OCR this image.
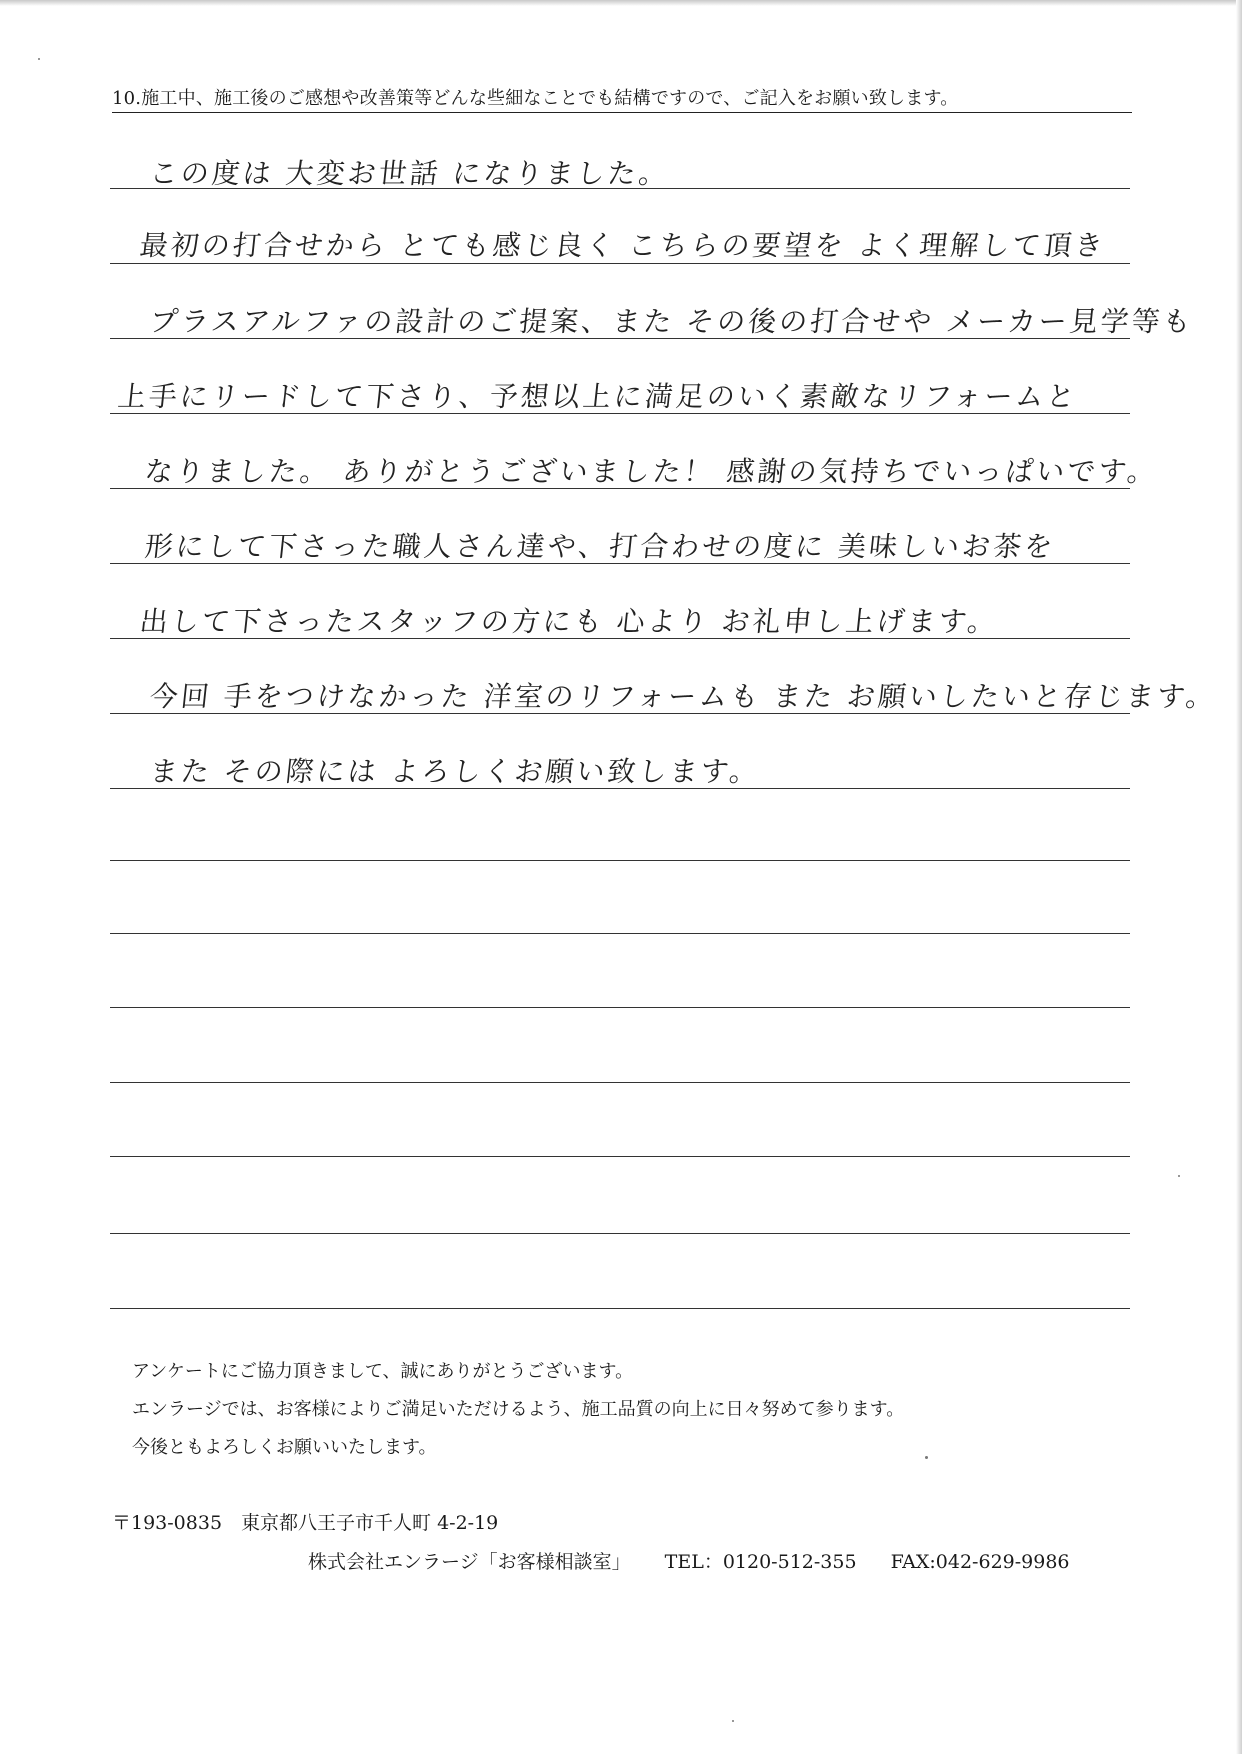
10.施工中、施工後のご感想や改善策等どんな些細なことでも結構ですので、ご記入をお願い致します。
この度は 大変お世話 になりました。
最初の打合せから とても感じ良く こちらの要望を よく理解して頂き
プラスアルファの設計のご提案、また その後の打合せや メーカー見学等も
上手にリードして下さり、予想以上に満足のいく素敵なリフォームと
なりました。 ありがとうございました！ 感謝の気持ちでいっぱいです。
形にして下さった職人さん達や、打合わせの度に 美味しいお茶を
出して下さったスタッフの方にも 心より お礼申し上げます。
今回 手をつけなかった 洋室のリフォームも また お願いしたいと存じます。
また その際には よろしくお願い致します。
アンケートにご協力頂きまして、誠にありがとうございます。
エンラージでは、お客様によりご満足いただけるよう、施工品質の向上に日々努めて参ります。
今後ともよろしくお願いいたします。
〒193-0835　東京都八王子市千人町 4-2-19
株式会社エンラージ「お客様相談室」 TEL：0120-512-355 FAX:042-629-9986
